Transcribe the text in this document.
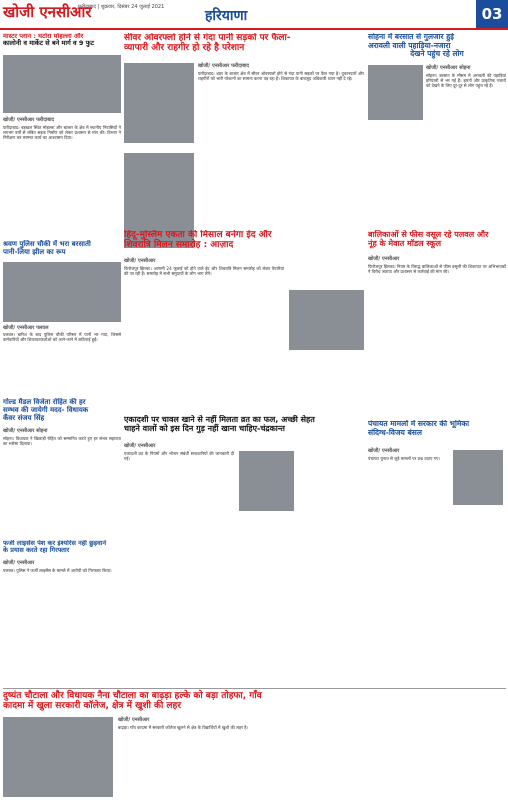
खोजी एनसीआर
फरीदाबाद | शुक्रवार, दिसंबर 24 जुलाई 2021
हरियाणा	03
मास्टर प्लान : घटोरा मोहल्ला और
कालोनी व मार्केट से बने मार्ग व 9 फुट
खोजी/ एनसीआर फरीदाबाद
फरीदाबाद। बड़खल स्थित मोहल्ला और बाजार के क्षेत्र में स्थानीय निवासियों ने लगभग वर्षों से लंबित सड़क निर्माण को लेकर प्रशासन से मांग की। विभाग ने निरीक्षण कर मरम्मत कार्य का आश्वासन दिया।
सीवर ओवरफ्लो होने से गंदा पानी सड़कों पर फैला-
व्यापारी और राहगीर हो रहे है परेशान
खोजी/ एनसीआर फरीदाबाद
फरीदाबाद। शहर के बाजार क्षेत्र में सीवर ओवरफ्लो होने से गंदा पानी सड़कों पर फैल गया है। दुकानदारों और राहगीरों को भारी परेशानी का सामना करना पड़ रहा है। शिकायत के बावजूद अधिकारी ध्यान नहीं दे रहे।
सोहना में बरसात से गुलजार हुई
अरावली वाली पहाड़िया-नजारा
देखने पहुंच रहे लोग
खोजी/ एनसीआर सोहना
सोहना। बरसात के मौसम में अरावली की पहाड़ियां हरियाली से भर गई हैं। झरनों और प्राकृतिक नजारों को देखने के लिए दूर-दूर से लोग पहुंच रहे हैं।
श्रवण पुलिस चौकी में भरा बरसाती
पानी-लिया झील का रूप
खोजी/ एनसीआर पलवल
पलवल। बारिश के बाद पुलिस चौकी परिसर में पानी भर गया, जिससे कर्मचारियों और शिकायतकर्ताओं को आने-जाने में कठिनाई हुई।
हिंदू-मुस्लिम एकता की मिसाल बनेगा ईद और
शिवरात्रि मिलन समारोह : आज़ाद
खोजी/ एनसीआर
फिरोजपुर झिरका। आगामी 24 जुलाई को होने वाले ईद और शिवरात्रि मिलन समारोह को लेकर तैयारियां की जा रही हैं। समारोह में सभी समुदायों के लोग भाग लेंगे।
बालिकाओं से फीस वसूल रहे पलवल और
नूंह के मेवात मॉडल स्कूल
खोजी/ एनसीआर
फिरोजपुर झिरका। नियम के विरुद्ध बालिकाओं से फीस वसूली की शिकायत पर अभिभावकों ने विरोध जताया और प्रशासन से कार्रवाई की मांग की।
गोल्ड मैडल विजेता रोहित की हर
सम्भव की जायेगी मदद- विधायक
कँवर संजय सिंह
खोजी/ एनसीआर सोहना
सोहना। विधायक ने खिलाड़ी रोहित को सम्मानित करते हुए हर संभव सहायता का भरोसा दिलाया।
एकादशी पर चावल खाने से नहीं मिलता व्रत का फल, अच्छी सेहत
चाहने वालों को इस दिन गुड़ नहीं खाना चाहिए-चंद्रकान्त
खोजी/ एनसीआर
एकादशी व्रत के नियमों और भोजन संबंधी सावधानियों की जानकारी दी गई।
फर्जी लाइसेंस पेश कर इंश्योरेंस नहीं छुड़वाने
के प्रयास करते रहा गिरफ्तार
खोजी/ एनसीआर
पलवल। पुलिस ने फर्जी लाइसेंस के मामले में आरोपी को गिरफ्तार किया।
पंचायत मामलों में सरकार की भूमिका
संदिग्ध-विजय बंसल
खोजी/ एनसीआर
पंचायत चुनाव से जुड़े मामलों पर प्रश्न उठाए गए।
दुष्यंत चौटाला और विधायक नैना चौटाला का बाढ़ड़ा हल्के को बड़ा तोहफा, गाँव
कादमा में खुला सरकारी कॉलेज, क्षेत्र में खुशी की लहर
खोजी/ एनसीआर
बाढ़ड़ा। गाँव कादमा में सरकारी कॉलेज खुलने से क्षेत्र के विद्यार्थियों में खुशी की लहर है।
